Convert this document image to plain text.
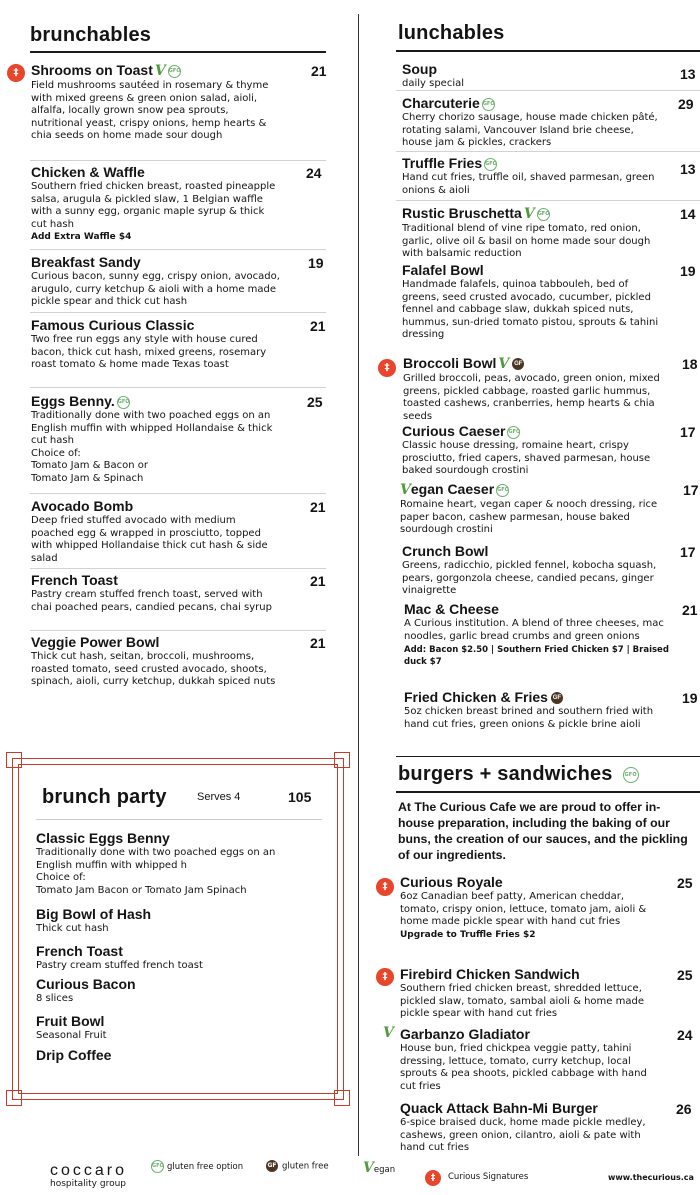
brunchables
‡ Shrooms on Toast V GFO
Field mushrooms sautéed in rosemary & thyme with mixed greens & green onion salad, aioli, alfalfa, locally grown snow pea sprouts, nutritional yeast, crispy onions, hemp hearts & chia seeds on home made sour dough
21
Chicken & Waffle
Southern fried chicken breast, roasted pineapple salsa, arugula & pickled slaw, 1 Belgian waffle with a sunny egg, organic maple syrup & thick cut hash
Add Extra Waffle $4
24
Breakfast Sandy
Curious bacon, sunny egg, crispy onion, avocado, arugulo, curry ketchup & aioli with a home made pickle spear and thick cut hash
19
Famous Curious Classic
Two free run eggs any style with house cured bacon, thick cut hash, mixed greens, rosemary roast tomato & home made Texas toast
21
Eggs Benny. GFO
Traditionally done with two poached eggs on an English muffin with whipped Hollandaise & thick cut hash
Choice of:
Tomato Jam & Bacon or
Tomato Jam & Spinach
25
Avocado Bomb
Deep fried stuffed avocado with medium poached egg & wrapped in prosciutto, topped with whipped Hollandaise thick cut hash & side salad
21
French Toast
Pastry cream stuffed french toast, served with chai poached pears, candied pecans, chai syrup
21
Veggie Power Bowl
Thick cut hash, seitan, broccoli, mushrooms, roasted tomato, seed crusted avocado, shoots, spinach, aioli, curry ketchup, dukkah spiced nuts
21
brunch party	Serves 4	105
Classic Eggs Benny
Traditionally done with two poached eggs on an English muffin with whipped h
Choice of:
Tomato Jam Bacon or Tomato Jam Spinach
Big Bowl of Hash
Thick cut hash
French Toast
Pastry cream stuffed french toast
Curious Bacon
8 slices
Fruit Bowl
Seasonal Fruit
Drip Coffee
lunchables
Soup
daily special
13
Charcuterie GFO
Cherry chorizo sausage, house made chicken pâté, rotating salami, Vancouver Island brie cheese, house jam & pickles, crackers
29
Truffle Fries GFO
Hand cut fries, truffle oil, shaved parmesan, green onions & aioli
13
Rustic Bruschetta V GFO
Traditional blend of vine ripe tomato, red onion, garlic, olive oil & basil on home made sour dough with balsamic reduction
14
Falafel Bowl
Handmade falafels, quinoa tabbouleh, bed of greens, seed crusted avocado, cucumber, pickled fennel and cabbage slaw, dukkah spiced nuts, hummus, sun-dried tomato pistou, sprouts & tahini dressing
19
‡ Broccoli Bowl V GF
Grilled broccoli, peas, avocado, green onion, mixed greens, pickled cabbage, roasted garlic hummus, toasted cashews, cranberries, hemp hearts & chia seeds
18
Curious Caeser GFO
Classic house dressing, romaine heart, crispy prosciutto, fried capers, shaved parmesan, house baked sourdough crostini
17
Vegan Caeser GFO
Romaine heart, vegan caper & nooch dressing, rice paper bacon, cashew parmesan, house baked sourdough crostini
17
Crunch Bowl
Greens, radicchio, pickled fennel, kobocha squash, pears, gorgonzola cheese, candied pecans, ginger vinaigrette
17
Mac & Cheese
A Curious institution. A blend of three cheeses, mac noodles, garlic bread crumbs and green onions
Add: Bacon $2.50 | Southern Fried Chicken $7 | Braised duck $7
21
Fried Chicken & Fries GF
5oz chicken breast brined and southern fried with hand cut fries, green onions & pickle brine aioli
19
burgers + sandwiches GFO
At The Curious Cafe we are proud to offer in-house preparation, including the baking of our buns, the creation of our sauces, and the pickling of our ingredients.
‡ Curious Royale
6oz Canadian beef patty, American cheddar, tomato, crispy onion, lettuce, tomato jam, aioli & home made pickle spear with hand cut fries
Upgrade to Truffle Fries $2
25
‡ Firebird Chicken Sandwich
Southern fried chicken breast, shredded lettuce, pickled slaw, tomato, sambal aioli & home made pickle spear with hand cut fries
25
V Garbanzo Gladiator
House bun, fried chickpea veggie patty, tahini dressing, lettuce, tomato, curry ketchup, local sprouts & pea shoots, pickled cabbage with hand cut fries
24
Quack Attack Bahn-Mi Burger
6-spice braised duck, home made pickle medley, cashews, green onion, cilantro, aioli & pate with hand cut fries
26
coccaro
hospitality group
GFO gluten free option	GF gluten free Vegan
‡	Curious Signatures	www.thecurious.ca
